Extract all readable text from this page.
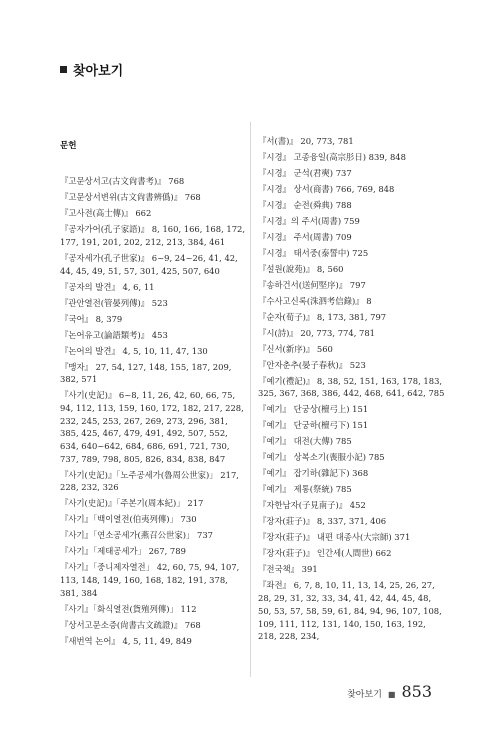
찾아보기

문헌

『고문상서고(古文尙書考)』 768
『고문상서변위(古文尙書辨僞)』 768
『고사전(高士傳)』 662
『공자가어(孔子家語)』 8, 160, 166, 168, 172, 177, 191, 201, 202, 212, 213, 384, 461
『공자세가(孔子世家)』 6~9, 24~26, 41, 42, 44, 45, 49, 51, 57, 301, 425, 507, 640
『공자의 발견』 4, 6, 11
『관안열전(管晏列傳)』 523
『국어』 8, 379
『논어유고(論語類考)』 453
『논어의 발견』 4, 5, 10, 11, 47, 130
『맹자』 27, 54, 127, 148, 155, 187, 209, 382, 571
『사기(史記)』 6~8, 11, 26, 42, 60, 66, 75, 94, 112, 113, 159, 160, 172, 182, 217, 228, 232, 245, 253, 267, 269, 273, 296, 381, 385, 425, 467, 479, 491, 492, 507, 552, 634, 640~642, 684, 686, 691, 721, 730, 737, 789, 798, 805, 826, 834, 838, 847
『사기(史記)』「노주공세가(魯周公世家)」 217, 228, 232, 326
『사기(史記)』「주본기(周本紀)」 217
『사기』「백이열전(伯夷列傳)」 730
『사기』「연소공세가(燕召公世家)」 737
『사기』「제태공세가」 267, 789
『사기』「중니제자열전」 42, 60, 75, 94, 107, 113, 148, 149, 160, 168, 182, 191, 378, 381, 384
『사기』「화식열전(貨殖列傳)」 112
『상서고문소증(尙書古文疏證)』 768
『새번역 논어』 4, 5, 11, 49, 849

『서(書)』 20, 773, 781
『시경』 고종융일(高宗肜日) 839, 848
『시경』 군석(君奭) 737
『시경』 상서(商書) 766, 769, 848
『시경』 순전(舜典) 788
『시경』의 주서(周書) 759
『시경』 주서(周書) 709
『시경』 태서중(泰誓中) 725
『설원(說苑)』 8, 560
『송하건서(送何堅序)』 797
『수사고신록(洙泗考信錄)』 8
『순자(荀子)』 8, 173, 381, 797
『시(詩)』 20, 773, 774, 781
『신서(新序)』 560
『안자춘추(晏子春秋)』 523
『예기(禮記)』 8, 38, 52, 151, 163, 178, 183, 325, 367, 368, 386, 442, 468, 641, 642, 785
『예기』 단궁상(檀弓上) 151
『예기』 단궁하(檀弓下) 151
『예기』 대전(大傳) 785
『예기』 상복소기(喪服小記) 785
『예기』 잡기하(雜記下) 368
『예기』 제통(祭統) 785
『자한남자(子見南子)』 452
『장자(莊子)』 8, 337, 371, 406
『장자(莊子)』 내편 대종사(大宗師) 371
『장자(莊子)』 인간세(人間世) 662
『전국책』 391
『좌전』 6, 7, 8, 10, 11, 13, 14, 25, 26, 27, 28, 29, 31, 32, 33, 34, 41, 42, 44, 45, 48, 50, 53, 57, 58, 59, 61, 84, 94, 96, 107, 108, 109, 111, 112, 131, 140, 150, 163, 192, 218, 228, 234,

찾아보기 ■ 853
